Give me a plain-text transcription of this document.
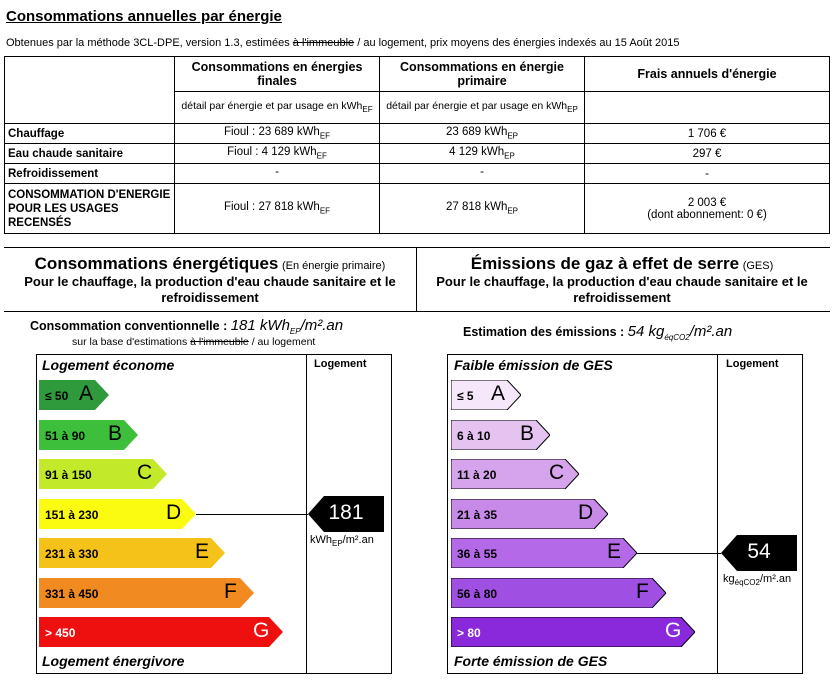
Consommations annuelles par énergie
Obtenues par la méthode 3CL-DPE, version 1.3, estimées à l'immeuble / au logement, prix moyens des énergies indexés au 15 Août 2015
	Consommations en énergies finales	Consommations en énergie primaire	Frais annuels d'énergie
	détail par énergie et par usage en kWh$_{EF}$	détail par énergie et par usage en kWh$_{EP}$	
Chauffage	Fioul : 23 689 kWh$_{EF}$	23 689 kWh$_{EP}$	1 706 €
Eau chaude sanitaire	Fioul : 4 129 kWh$_{EF}$	4 129 kWh$_{EP}$	297 €
Refroidissement	-	-	-
CONSOMMATION D'ENERGIE POUR LES USAGES RECENSÉS	Fioul : 27 818 kWh$_{EF}$	27 818 kWh$_{EP}$	2 003 €
(dont abonnement: 0 €)
Consommations énergétiques (En énergie primaire)
Pour le chauffage, la production d'eau chaude sanitaire et le refroidissement
Émissions de gaz à effet de serre (GES)
Pour le chauffage, la production d'eau chaude sanitaire et le refroidissement
Consommation conventionnelle : 181 kWh$_{EP}$/m².an
sur la base d'estimations à l'immeuble / au logement
Estimation des émissions : 54 $kg_{éqCO2}/m^2.an$
Logement économe
Logement énergivore
Logement
≤ 50 A
51 à 90 B
91 à 150 C
151 à 230	D	181
kWh$_{EP}$/m².an
231 à 330	E
331 à 450	F
> 450	G
Faible émission de GES
Forte émission de GES
Logement
≤ 5 A
6 à 10 B
11 à 20	C
21 à 35	D
36 à 55	E	54
$kg_{éqCO2}/m^2.an$
56 à 80	F
> 80	G
